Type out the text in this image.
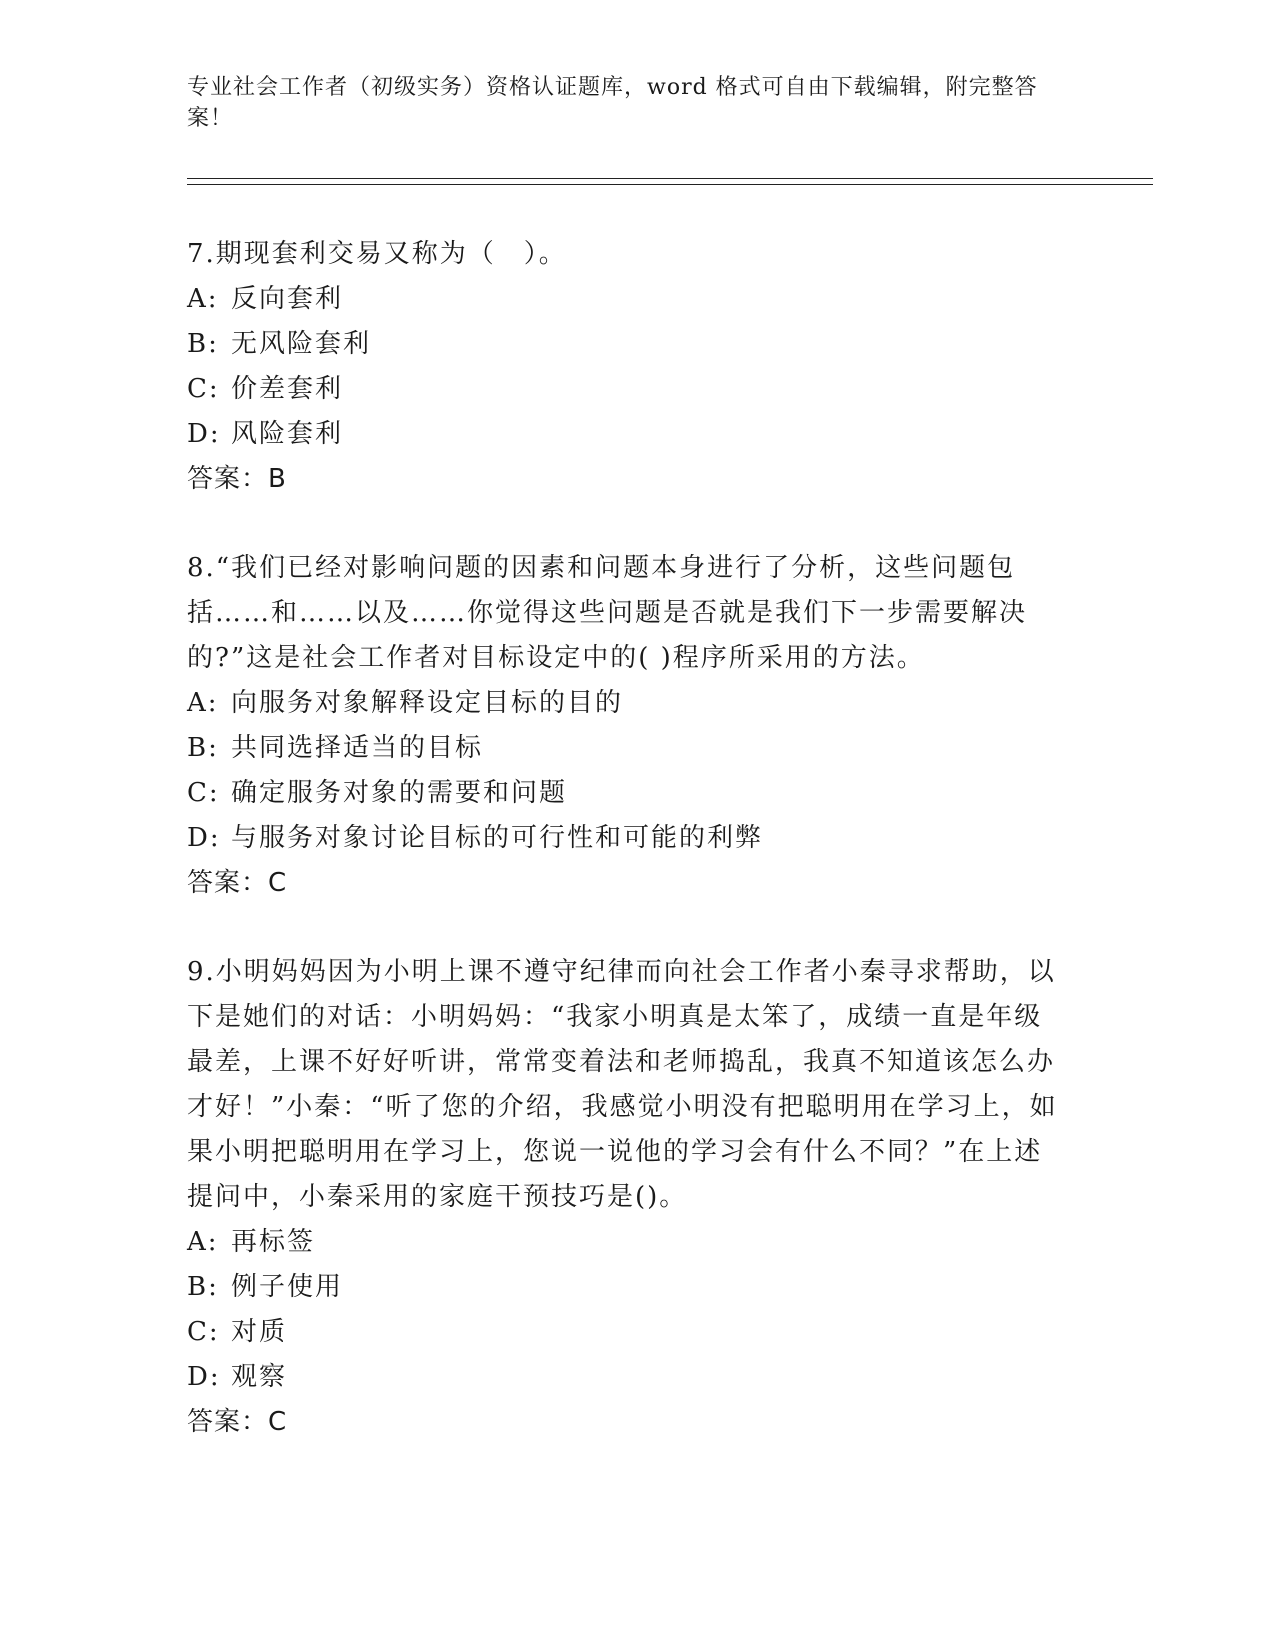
专业社会工作者（初级实务）资格认证题库，word 格式可自由下载编辑，附完整答案！
7.期现套利交易又称为（　）。
A: 反向套利
B: 无风险套利
C: 价差套利
D: 风险套利
答案：B
8.“我们已经对影响问题的因素和问题本身进行了分析，这些问题包括……和……以及……你觉得这些问题是否就是我们下一步需要解决的?”这是社会工作者对目标设定中的( )程序所采用的方法。
A: 向服务对象解释设定目标的目的
B: 共同选择适当的目标
C: 确定服务对象的需要和问题
D: 与服务对象讨论目标的可行性和可能的利弊
答案：C
9.小明妈妈因为小明上课不遵守纪律而向社会工作者小秦寻求帮助，以下是她们的对话：小明妈妈：“我家小明真是太笨了，成绩一直是年级最差，上课不好好听讲，常常变着法和老师捣乱，我真不知道该怎么办才好！”小秦：“听了您的介绍，我感觉小明没有把聪明用在学习上，如果小明把聪明用在学习上，您说一说他的学习会有什么不同？”在上述提问中，小秦采用的家庭干预技巧是()。
A: 再标签
B: 例子使用
C: 对质
D: 观察
答案：C
